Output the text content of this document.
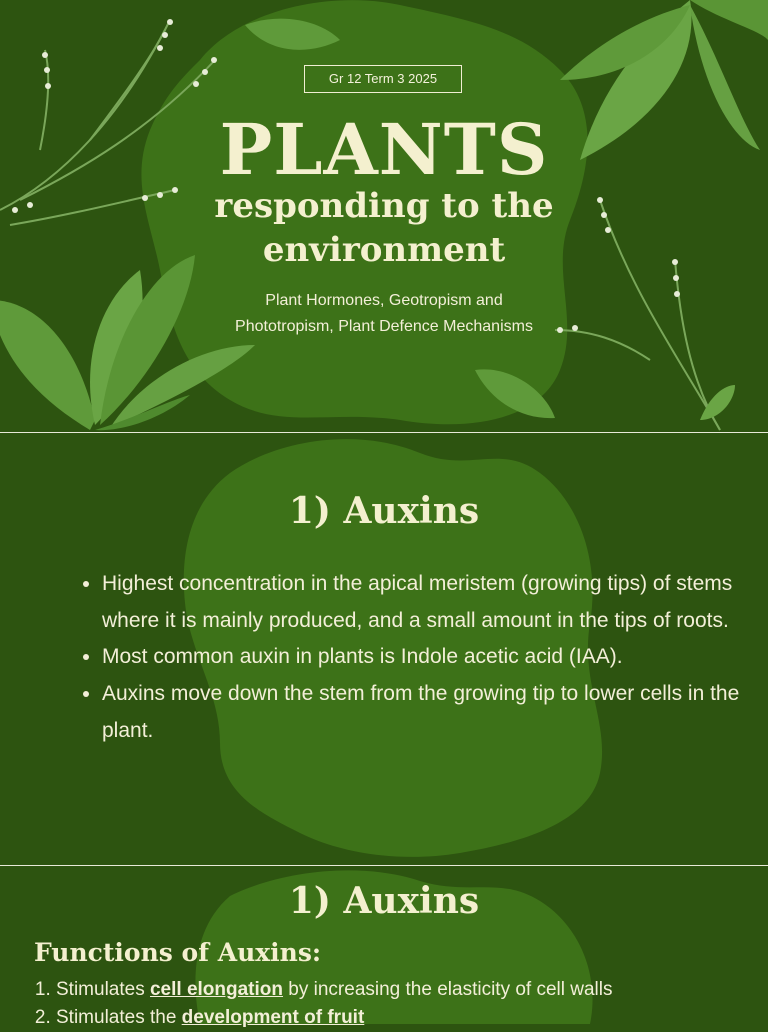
Gr 12 Term 3 2025
PLANTS
responding to the environment
Plant Hormones, Geotropism and Phototropism, Plant Defence Mechanisms
1) Auxins
• Highest concentration in the apical meristem (growing tips) of stems where it is mainly produced, and a small amount in the tips of roots.
• Most common auxin in plants is Indole acetic acid (IAA).
• Auxins move down the stem from the growing tip to lower cells in the plant.
1) Auxins
Functions of Auxins:
1. Stimulates cell elongation by increasing the elasticity of cell walls
2. Stimulates the development of fruit
